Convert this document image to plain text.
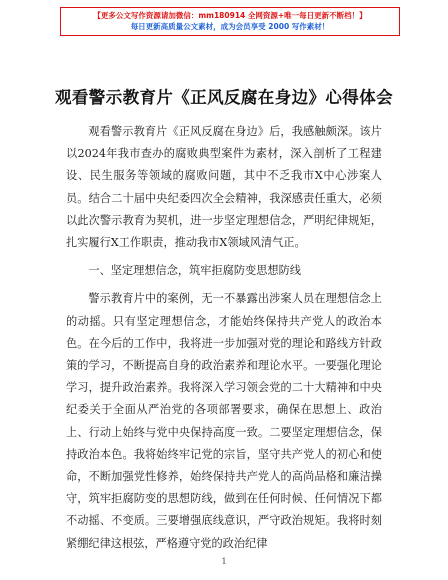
【更多公文写作资源请加微信：mm180914 全网资源+唯一每日更新不断档！】
每日更新高质量公文素材，成为会员享受 2000 写作素材！
观看警示教育片《正风反腐在身边》心得体会

观看警示教育片《正风反腐在身边》后，我感触颇深。该片以2024年我市查办的腐败典型案件为素材，深入剖析了工程建设、民生服务等领域的腐败问题，其中不乏我市X中心涉案人员。结合二十届中央纪委四次全会精神，我深感责任重大，必须以此次警示教育为契机，进一步坚定理想信念，严明纪律规矩，扎实履行X工作职责，推动我市X领域风清气正。

一、坚定理想信念，筑牢拒腐防变思想防线

警示教育片中的案例，无一不暴露出涉案人员在理想信念上的动摇。只有坚定理想信念，才能始终保持共产党人的政治本色。在今后的工作中，我将进一步加强对党的理论和路线方针政策的学习，不断提高自身的政治素养和理论水平。一要强化理论学习，提升政治素养。我将深入学习领会党的二十大精神和中央纪委关于全面从严治党的各项部署要求，确保在思想上、政治上、行动上始终与党中央保持高度一致。二要坚定理想信念，保持政治本色。我将始终牢记党的宗旨，坚守共产党人的初心和使命，不断加强党性修养，始终保持共产党人的高尚品格和廉洁操守，筑牢拒腐防变的思想防线，做到在任何时候、任何情况下都不动摇、不变质。三要增强底线意识，严守政治规矩。我将时刻紧绷纪律这根弦，严格遵守党的政治纪律

1
